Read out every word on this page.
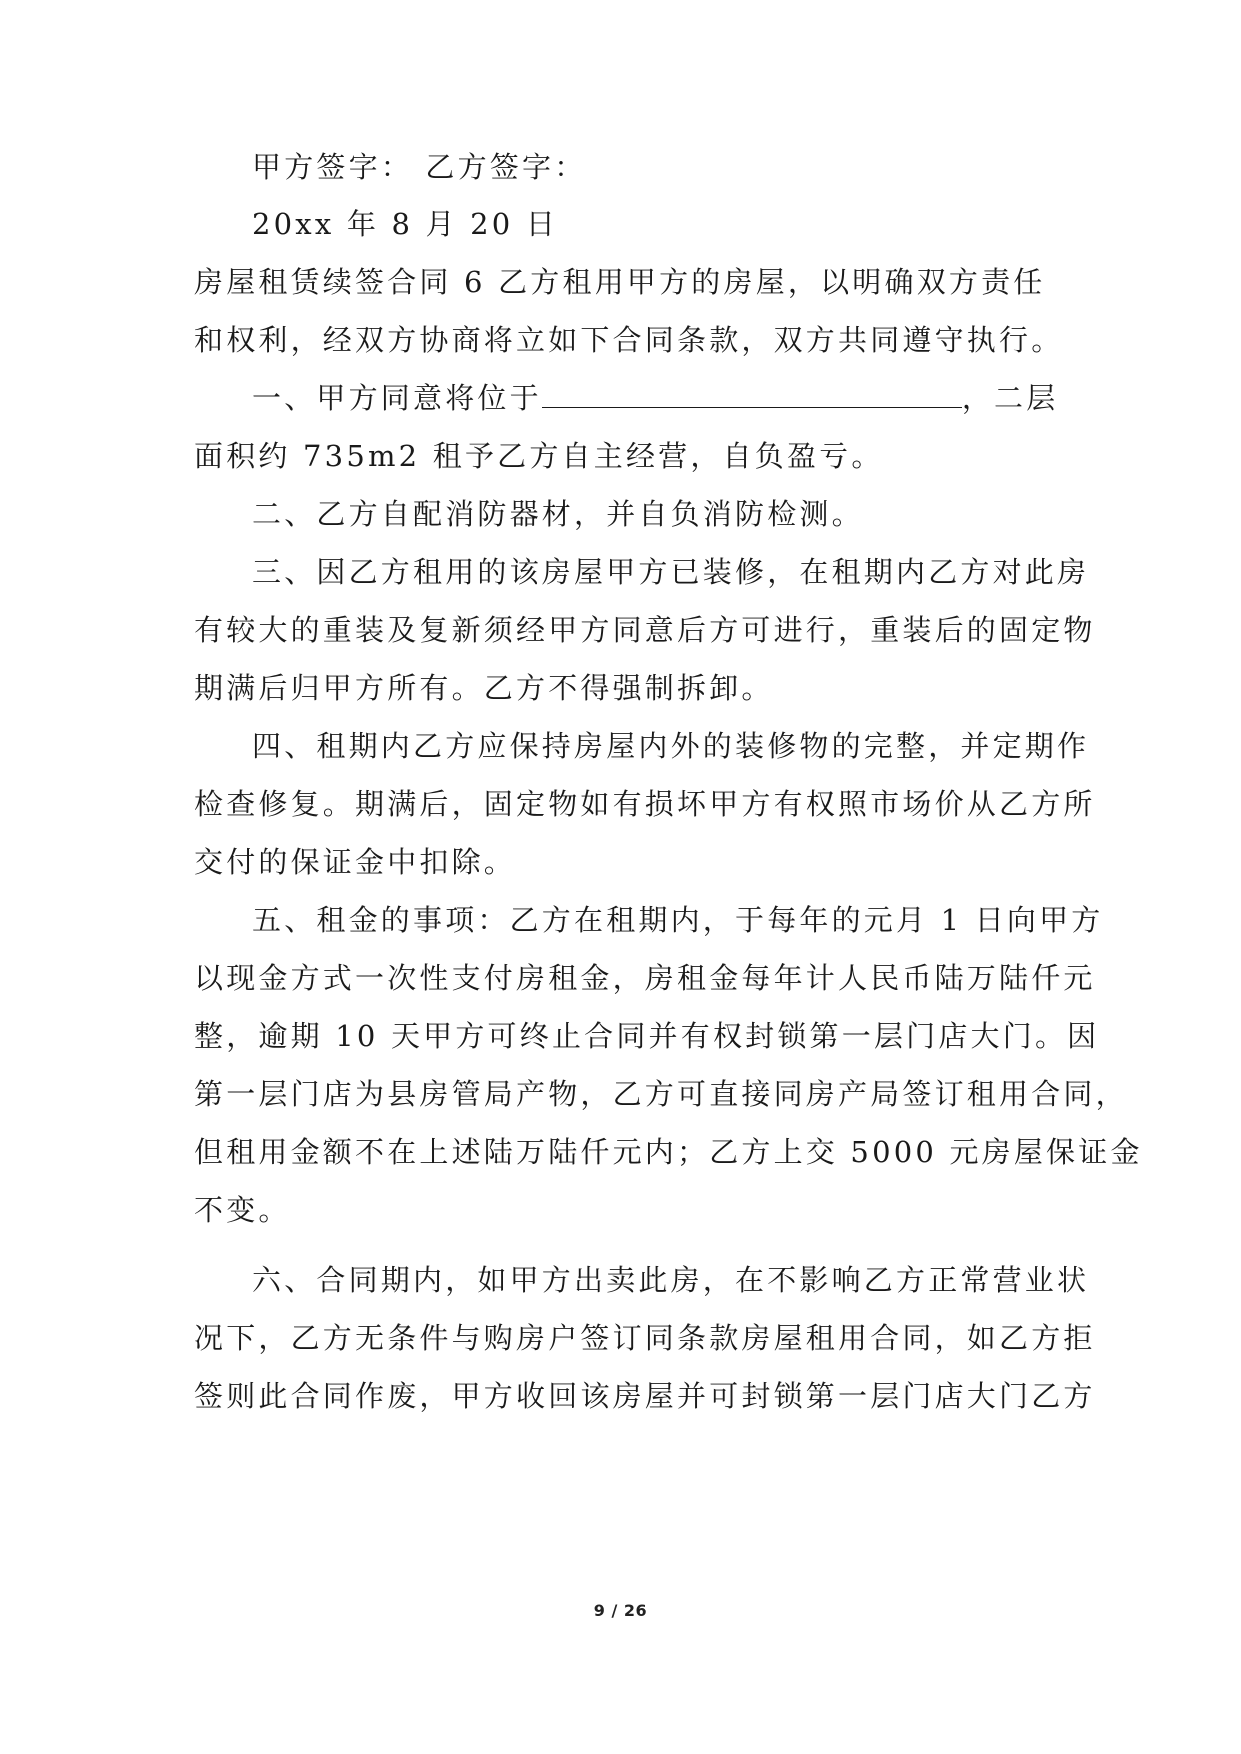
甲方签字： 乙方签字：
20xx 年 8 月 20 日
房屋租赁续签合同 6 乙方租用甲方的房屋，以明确双方责任
和权利，经双方协商将立如下合同条款，双方共同遵守执行。
一、甲方同意将位于	，二层
面积约 735m2 租予乙方自主经营，自负盈亏。
二、乙方自配消防器材，并自负消防检测。
三、因乙方租用的该房屋甲方已装修，在租期内乙方对此房
有较大的重装及复新须经甲方同意后方可进行，重装后的固定物
期满后归甲方所有。乙方不得强制拆卸。
四、租期内乙方应保持房屋内外的装修物的完整，并定期作
检查修复。期满后，固定物如有损坏甲方有权照市场价从乙方所
交付的保证金中扣除。
五、租金的事项：乙方在租期内，于每年的元月 1 日向甲方
以现金方式一次性支付房租金，房租金每年计人民币陆万陆仟元
整，逾期 10 天甲方可终止合同并有权封锁第一层门店大门。因
第一层门店为县房管局产物，乙方可直接同房产局签订租用合同，
但租用金额不在上述陆万陆仟元内；乙方上交 5000 元房屋保证金
不变。
六、合同期内，如甲方出卖此房，在不影响乙方正常营业状
况下，乙方无条件与购房户签订同条款房屋租用合同，如乙方拒
签则此合同作废，甲方收回该房屋并可封锁第一层门店大门乙方
9 / 26
